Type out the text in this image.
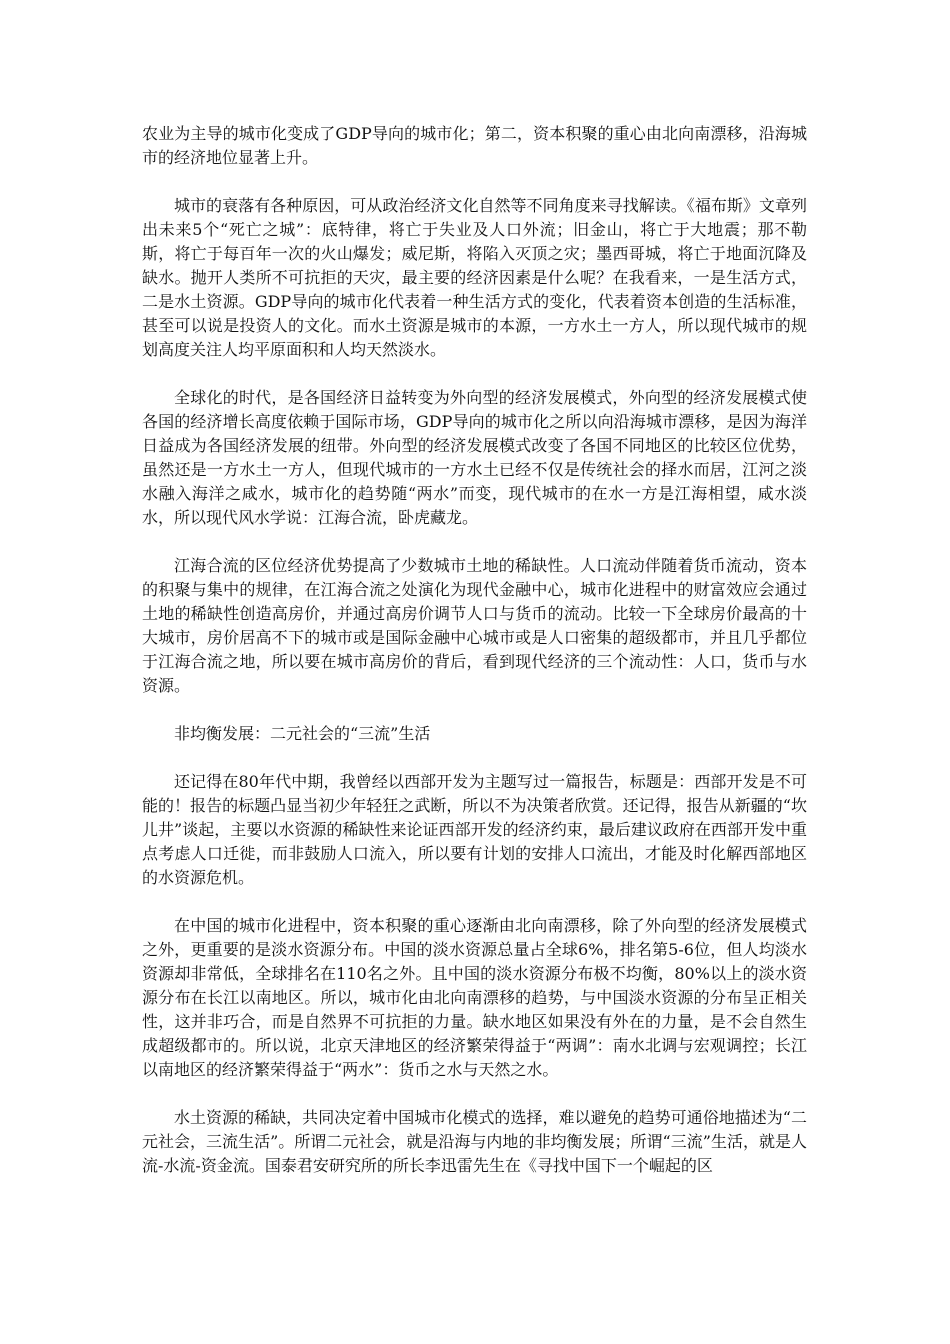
农业为主导的城市化变成了GDP导向的城市化；第二，资本积聚的重心由北向南漂移，沿海城市的经济地位显著上升。

城市的衰落有各种原因，可从政治经济文化自然等不同角度来寻找解读。《福布斯》文章列出未来5个“死亡之城”：底特律，将亡于失业及人口外流；旧金山，将亡于大地震；那不勒斯，将亡于每百年一次的火山爆发；威尼斯，将陷入灭顶之灾；墨西哥城，将亡于地面沉降及缺水。抛开人类所不可抗拒的天灾，最主要的经济因素是什么呢？在我看来，一是生活方式，二是水土资源。GDP导向的城市化代表着一种生活方式的变化，代表着资本创造的生活标准，甚至可以说是投资人的文化。而水土资源是城市的本源，一方水土一方人，所以现代城市的规划高度关注人均平原面积和人均天然淡水。

全球化的时代，是各国经济日益转变为外向型的经济发展模式，外向型的经济发展模式使各国的经济增长高度依赖于国际市场，GDP导向的城市化之所以向沿海城市漂移，是因为海洋日益成为各国经济发展的纽带。外向型的经济发展模式改变了各国不同地区的比较区位优势，虽然还是一方水土一方人，但现代城市的一方水土已经不仅是传统社会的择水而居，江河之淡水融入海洋之咸水，城市化的趋势随“两水”而变，现代城市的在水一方是江海相望，咸水淡水，所以现代风水学说：江海合流，卧虎藏龙。

江海合流的区位经济优势提高了少数城市土地的稀缺性。人口流动伴随着货币流动，资本的积聚与集中的规律，在江海合流之处演化为现代金融中心，城市化进程中的财富效应会通过土地的稀缺性创造高房价，并通过高房价调节人口与货币的流动。比较一下全球房价最高的十大城市，房价居高不下的城市或是国际金融中心城市或是人口密集的超级都市，并且几乎都位于江海合流之地，所以要在城市高房价的背后，看到现代经济的三个流动性：人口，货币与水资源。

非均衡发展：二元社会的“三流”生活

还记得在80年代中期，我曾经以西部开发为主题写过一篇报告，标题是：西部开发是不可能的！报告的标题凸显当初少年轻狂之武断，所以不为决策者欣赏。还记得，报告从新疆的“坎儿井”谈起，主要以水资源的稀缺性来论证西部开发的经济约束，最后建议政府在西部开发中重点考虑人口迁徙，而非鼓励人口流入，所以要有计划的安排人口流出，才能及时化解西部地区的水资源危机。

在中国的城市化进程中，资本积聚的重心逐渐由北向南漂移，除了外向型的经济发展模式之外，更重要的是淡水资源分布。中国的淡水资源总量占全球6%，排名第5-6位，但人均淡水资源却非常低，全球排名在110名之外。且中国的淡水资源分布极不均衡，80%以上的淡水资源分布在长江以南地区。所以，城市化由北向南漂移的趋势，与中国淡水资源的分布呈正相关性，这并非巧合，而是自然界不可抗拒的力量。缺水地区如果没有外在的力量，是不会自然生成超级都市的。所以说，北京天津地区的经济繁荣得益于“两调”：南水北调与宏观调控；长江以南地区的经济繁荣得益于“两水”：货币之水与天然之水。

水土资源的稀缺，共同决定着中国城市化模式的选择，难以避免的趋势可通俗地描述为“二元社会，三流生活”。所谓二元社会，就是沿海与内地的非均衡发展；所谓“三流”生活，就是人流-水流-资金流。国泰君安研究所的所长李迅雷先生在《寻找中国下一个崛起的区
